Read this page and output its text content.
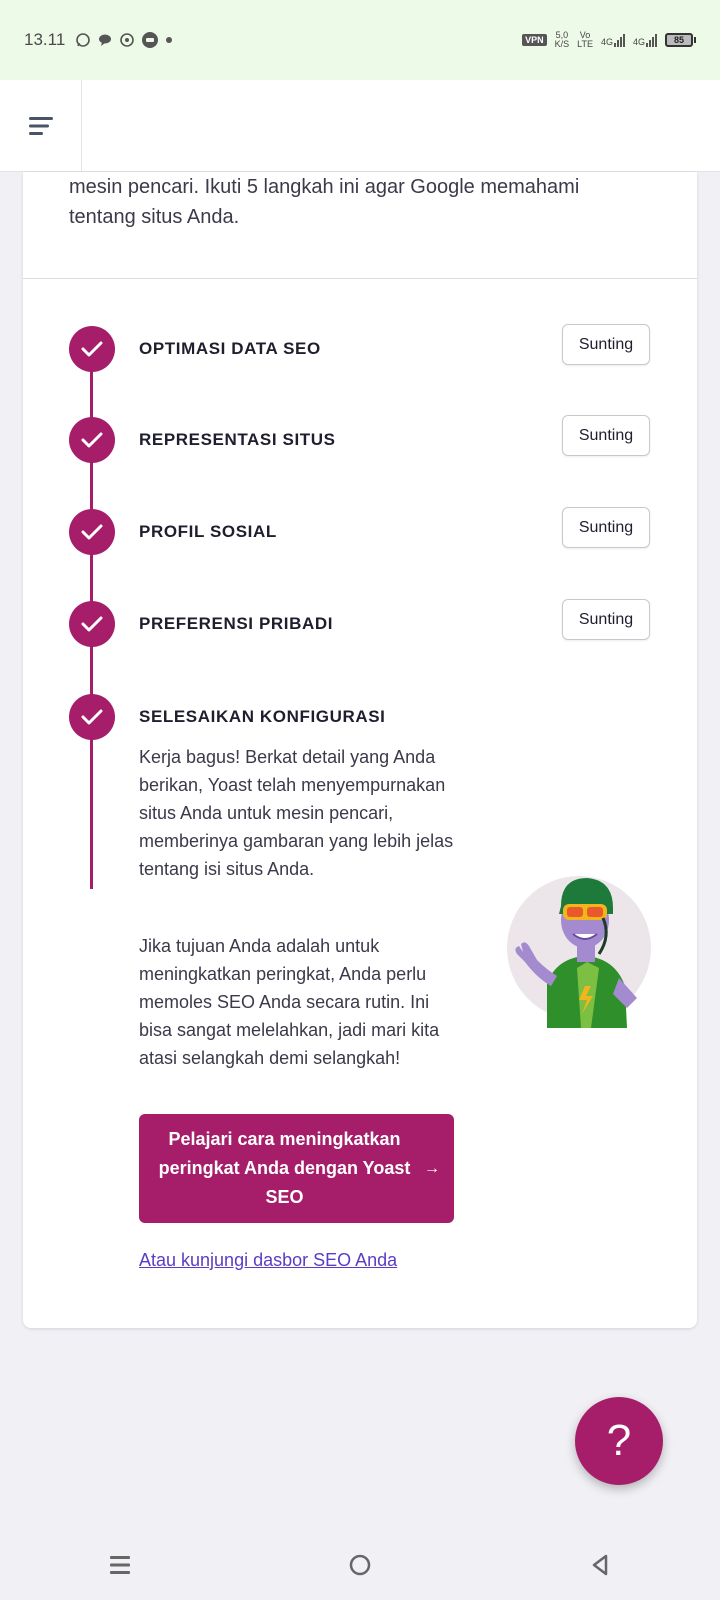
13.11	VPN	5,0
K/S
Vo
LTE 4G 4G	85

mesin pencari. Ikuti 5 langkah ini agar Google memahami tentang situs Anda.

OPTIMASI DATA SEO	Sunting
REPRESENTASI SITUS	Sunting
PROFIL SOSIAL	Sunting
PREFERENSI PRIBADI	Sunting
SELESAIKAN KONFIGURASI

Kerja bagus! Berkat detail yang Anda berikan, Yoast telah menyempurnakan situs Anda untuk mesin pencari, memberinya gambaran yang lebih jelas tentang isi situs Anda.

Jika tujuan Anda adalah untuk meningkatkan peringkat, Anda perlu memoles SEO Anda secara rutin. Ini bisa sangat melelahkan, jadi mari kita atasi selangkah demi selangkah!

Pelajari cara meningkatkan peringkat Anda dengan Yoast SEO
→
Atau kunjungi dasbor SEO Anda
?
